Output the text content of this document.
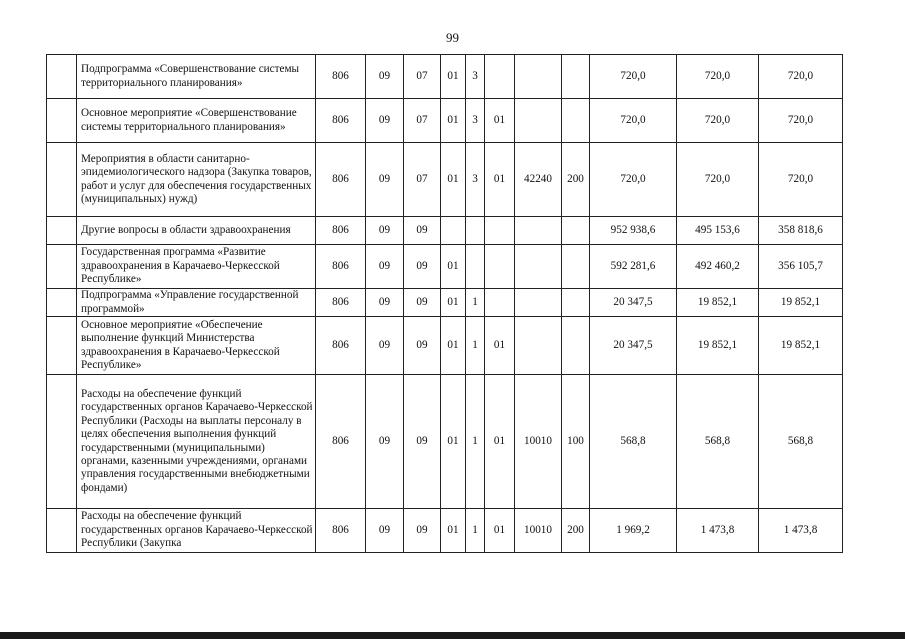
99
	Подпрограмма «Совершенствование системы территориального планирования»	806	09	07	01	3				720,0	720,0	720,0
	Основное мероприятие «Совершенствование системы территориального планирования»	806	09	07	01	3	01			720,0	720,0	720,0
	Мероприятия в области санитарно-эпидемиологического надзора (Закупка товаров, работ и услуг для обеспечения государственных (муниципальных) нужд)	806	09	07	01	3	01	42240	200	720,0	720,0	720,0
	Другие вопросы в области здравоохранения	806	09	09						952 938,6	495 153,6	358 818,6
	Государственная программа «Развитие здравоохранения в Карачаево-Черкесской Республике»	806	09	09	01					592 281,6	492 460,2	356 105,7
	Подпрограмма «Управление государственной программой»	806	09	09	01	1				20 347,5	19 852,1	19 852,1
	Основное мероприятие «Обеспечение выполнение функций Министерства здравоохранения в Карачаево-Черкесской Республике»	806	09	09	01	1	01			20 347,5	19 852,1	19 852,1
	Расходы на обеспечение функций государственных органов Карачаево-Черкесской Республики (Расходы на выплаты персоналу в целях обеспечения выполнения функций государственными (муниципальными) органами, казенными учреждениями, органами управления государственными внебюджетными фондами)	806	09	09	01	1	01	10010	100	568,8	568,8	568,8
	Расходы на обеспечение функций государственных органов Карачаево-Черкесской Республики (Закупка	806	09	09	01	1	01	10010	200	1 969,2	1 473,8	1 473,8
